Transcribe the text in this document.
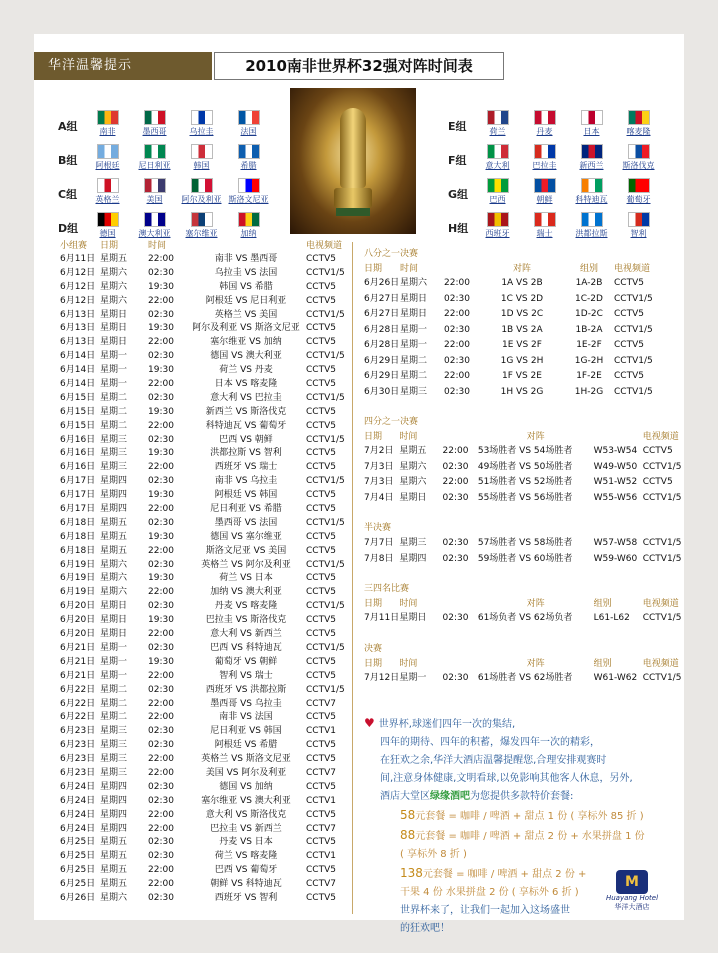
华洋温馨提示	2010南非世界杯32强对阵时间表
A组	南非	墨西哥	乌拉圭	法国
B组	阿根廷	尼日利亚	韩国	希腊
C组	英格兰	美国	阿尔及利亚 斯洛文尼亚
D组	德国	澳大利亚	塞尔维亚	加纳
E组	荷兰	丹麦	日本	喀麦隆
F组	意大利	巴拉圭	新西兰	斯洛伐克
G组	巴西	朝鲜	科特迪瓦	葡萄牙
H组	西班牙	瑞士	洪都拉斯	智利
小组赛	日期	时间	电视频道
6月11日 星期五	22:00	南非 VS 墨西哥	CCTV5
6月12日 星期六	02:30	乌拉圭 VS 法国	CCTV1/5
6月12日 星期六	19:30	韩国 VS 希腊	CCTV5
6月12日 星期六	22:00	阿根廷 VS 尼日利亚	CCTV5
6月13日 星期日	02:30	英格兰 VS 美国	CCTV1/5
6月13日 星期日	19:30	阿尔及利亚 VS 斯洛文尼亚 CCTV5
6月13日 星期日	22:00	塞尔维亚 VS 加纳	CCTV5
6月14日 星期一	02:30	德国 VS 澳大利亚	CCTV1/5
6月14日 星期一	19:30	荷兰 VS 丹麦	CCTV5
6月14日 星期一	22:00	日本 VS 喀麦隆	CCTV5
6月15日 星期二	02:30	意大利 VS 巴拉圭	CCTV1/5
6月15日 星期二	19:30	新西兰 VS 斯洛伐克	CCTV5
6月15日 星期二	22:00	科特迪瓦 VS 葡萄牙	CCTV5
6月16日 星期三	02:30	巴西 VS 朝鲜	CCTV1/5
6月16日 星期三	19:30	洪都拉斯 VS 智利	CCTV5
6月16日 星期三	22:00	西班牙 VS 瑞士	CCTV5
6月17日 星期四	02:30	南非 VS 乌拉圭	CCTV1/5
6月17日 星期四	19:30	阿根廷 VS 韩国	CCTV5
6月17日 星期四	22:00	尼日利亚 VS 希腊	CCTV5
6月18日 星期五	02:30	墨西哥 VS 法国	CCTV1/5
6月18日 星期五	19:30	德国 VS 塞尔维亚	CCTV5
6月18日 星期五	22:00	斯洛文尼亚 VS 美国	CCTV5
6月19日 星期六	02:30	英格兰 VS 阿尔及利亚	CCTV1/5
6月19日 星期六	19:30	荷兰 VS 日本	CCTV5
6月19日 星期六	22:00	加纳 VS 澳大利亚	CCTV5
6月20日 星期日	02:30	丹麦 VS 喀麦隆	CCTV1/5
6月20日 星期日	19:30	巴拉圭 VS 斯洛伐克	CCTV5
6月20日 星期日	22:00	意大利 VS 新西兰	CCTV5
6月21日 星期一	02:30	巴西 VS 科特迪瓦	CCTV1/5
6月21日 星期一	19:30	葡萄牙 VS 朝鲜	CCTV5
6月21日 星期一	22:00	智利 VS 瑞士	CCTV5
6月22日 星期二	02:30	西班牙 VS 洪都拉斯	CCTV1/5
6月22日 星期二	22:00	墨西哥 VS 乌拉圭	CCTV7
6月22日 星期二	22:00	南非 VS 法国	CCTV5
6月23日 星期三	02:30	尼日利亚 VS 韩国	CCTV1
6月23日 星期三	02:30	阿根廷 VS 希腊	CCTV5
6月23日 星期三	22:00	英格兰 VS 斯洛文尼亚	CCTV5
6月23日 星期三	22:00	美国 VS 阿尔及利亚	CCTV7
6月24日 星期四	02:30	德国 VS 加纳	CCTV5
6月24日 星期四	02:30	塞尔维亚 VS 澳大利亚	CCTV1
6月24日 星期四	22:00	意大利 VS 斯洛伐克	CCTV5
6月24日 星期四	22:00	巴拉圭 VS 新西兰	CCTV7
6月25日 星期五	02:30	丹麦 VS 日本	CCTV5
6月25日 星期五	02:30	荷兰 VS 喀麦隆	CCTV1
6月25日 星期五	22:00	巴西 VS 葡萄牙	CCTV5
6月25日 星期五	22:00	朝鲜 VS 科特迪瓦	CCTV7
6月26日 星期六	02:30	西班牙 VS 智利	CCTV5
八分之一决赛
日期	时间	对阵	组别	电视频道
6月26日 星期六	22:00	1A VS 2B	1A-2B	CCTV5
6月27日 星期日	02:30	1C VS 2D	1C-2D	CCTV1/5
6月27日 星期日	22:00	1D VS 2C	1D-2C	CCTV5
6月28日 星期一	02:30	1B VS 2A	1B-2A	CCTV1/5
6月28日 星期一	22:00	1E VS 2F	1E-2F	CCTV5
6月29日 星期二	02:30	1G VS 2H	1G-2H	CCTV1/5
6月29日 星期二	22:00	1F VS 2E	1F-2E	CCTV5
6月30日 星期三	02:30	1H VS 2G	1H-2G	CCTV1/5
四分之一决赛
日期	时间	对阵	电视频道
7月2日 星期五	22:00	53场胜者 VS 54场胜者	W53-W54 CCTV5
7月3日 星期六	02:30	49场胜者 VS 50场胜者	W49-W50 CCTV1/5
7月3日 星期六	22:00	51场胜者 VS 52场胜者	W51-W52 CCTV5
7月4日 星期日	02:30	55场胜者 VS 56场胜者	W55-W56 CCTV1/5
半决赛
7月7日 星期三	02:30	57场胜者 VS 58场胜者	W57-W58 CCTV1/5
7月8日 星期四	02:30	59场胜者 VS 60场胜者	W59-W60 CCTV1/5
三四名比赛
日期	时间	对阵	组别	电视频道
7月11日 星期日	02:30	61场负者 VS 62场负者	L61-L62	CCTV1/5
决赛
日期	时间	对阵	组别	电视频道
7月12日 星期一	02:30	61场胜者 VS 62场胜者	W61-W62 CCTV1/5
♥ 世界杯,球迷们四年一次的集结,
四年的期待、四年的积蓄，爆发四年一次的精彩，
在狂欢之余,华洋大酒店温馨提醒您,合理安排观赛时
间,注意身体健康,文明看球,以免影响其他客人休息，另外,
酒店大堂区绿缘酒吧为您提供多款特价套餐:
58元套餐 = 咖啡 / 啤酒 + 甜点 1 份 ( 享标外 85 折 )
88元套餐 = 咖啡 / 啤酒 + 甜点 2 份 + 水果拼盘 1 份
( 享标外 8 折 )
138元套餐 = 咖啡 / 啤酒 + 甜点 2 份 +
干果 4 份 水果拼盘 2 份 ( 享标外 6 折 )
世界杯来了，让我们一起加入这场盛世
的狂欢吧！
M
Huayang Hotel
华洋大酒店
